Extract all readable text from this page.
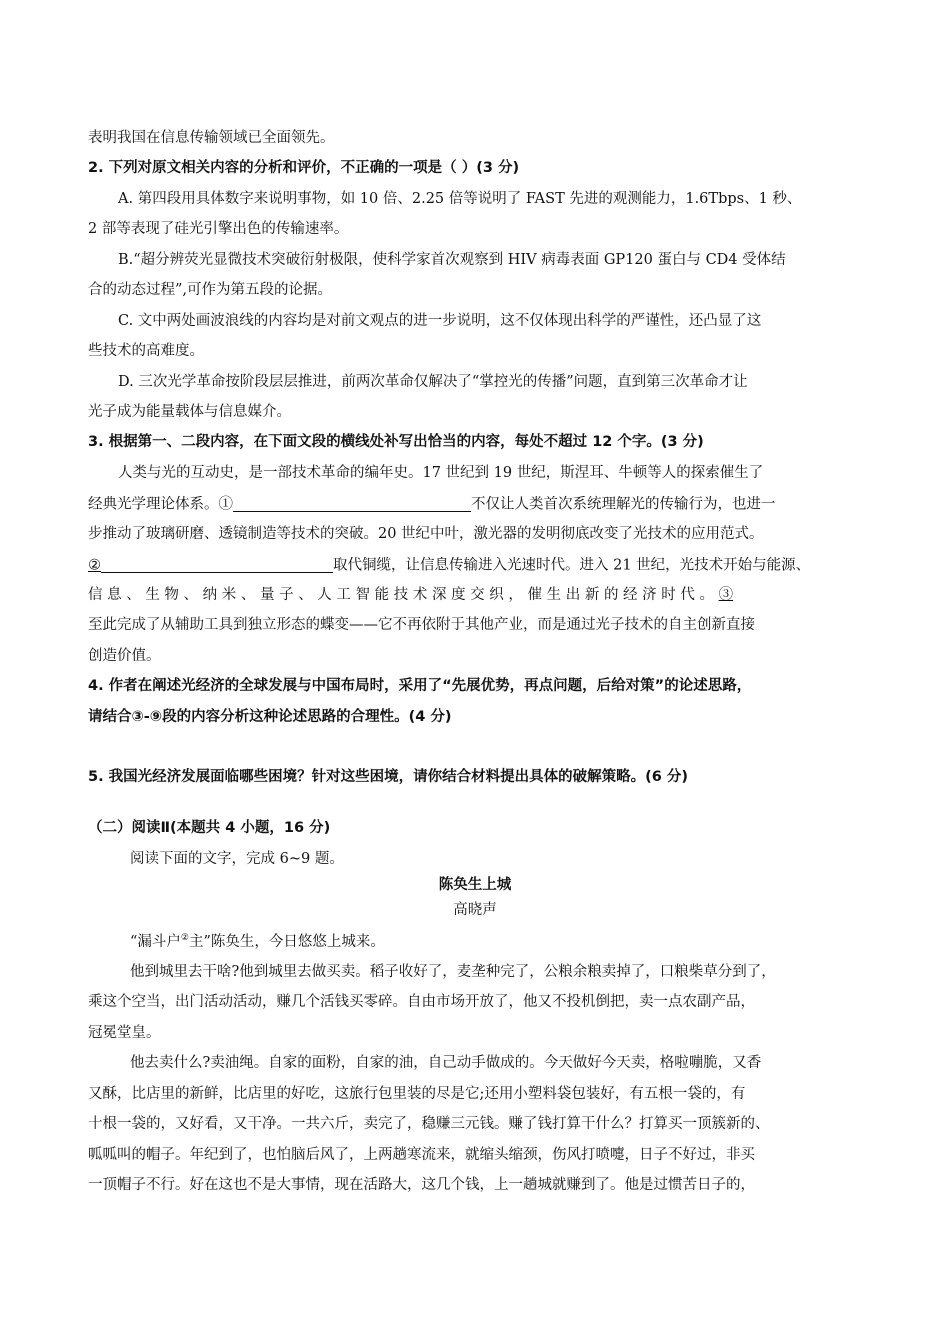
表明我国在信息传输领域已全面领先。
2. 下列对原文相关内容的分析和评价，不正确的一项是（ ）(3 分)
A. 第四段用具体数字来说明事物，如 10 倍、2.25 倍等说明了 FAST 先进的观测能力，1.6Tbps、1 秒、
2 部等表现了硅光引擎出色的传输速率。
B.“超分辨荧光显微技术突破衍射极限，使科学家首次观察到 HIV 病毒表面 GP120 蛋白与 CD4 受体结
合的动态过程”,可作为第五段的论据。
C. 文中两处画波浪线的内容均是对前文观点的进一步说明，这不仅体现出科学的严谨性，还凸显了这
些技术的高难度。
D. 三次光学革命按阶段层层推进，前两次革命仅解决了“掌控光的传播”问题，直到第三次革命才让
光子成为能量载体与信息媒介。
3. 根据第一、二段内容，在下面文段的横线处补写出恰当的内容，每处不超过 12 个字。(3 分)
人类与光的互动史，是一部技术革命的编年史。17 世纪到 19 世纪，斯涅耳、牛顿等人的探索催生了
经典光学理论体系。①	不仅让人类首次系统理解光的传输行为，也进一
步推动了玻璃研磨、透镜制造等技术的突破。20 世纪中叶，激光器的发明彻底改变了光技术的应用范式。
②	取代铜缆，让信息传输进入光速时代。进入 21 世纪，光技术开始与能源、
信 息 、 生 物 、 纳 米 、 量 子 、 人 工 智 能 技 术 深 度 交 织 ， 催 生 出 新 的 经 济 时 代 。 ③
至此完成了从辅助工具到独立形态的蝶变——它不再依附于其他产业，而是通过光子技术的自主创新直接
创造价值。
4. 作者在阐述光经济的全球发展与中国布局时，采用了“先展优势，再点问题，后给对策”的论述思路，
请结合③-⑨段的内容分析这种论述思路的合理性。(4 分)
5. 我国光经济发展面临哪些困境？针对这些困境，请你结合材料提出具体的破解策略。(6 分)
（二）阅读Ⅱ(本题共 4 小题，16 分)
阅读下面的文字，完成 6~9 题。
陈奂生上城
高晓声
“漏斗户②主”陈奂生，今日悠悠上城来。
他到城里去干啥?他到城里去做买卖。稻子收好了，麦垄种完了，公粮余粮卖掉了，口粮柴草分到了，
乘这个空当，出门活动活动，赚几个活钱买零碎。自由市场开放了，他又不投机倒把，卖一点农副产品，
冠冕堂皇。
他去卖什么?卖油绳。自家的面粉，自家的油，自己动手做成的。今天做好今天卖，格啦嘣脆，又香
又酥，比店里的新鲜，比店里的好吃，这旅行包里装的尽是它;还用小塑料袋包装好，有五根一袋的，有
十根一袋的，又好看，又干净。一共六斤，卖完了，稳赚三元钱。赚了钱打算干什么？打算买一顶簇新的、
呱呱叫的帽子。年纪到了，也怕脑后风了，上两趟寒流来，就缩头缩颈，伤风打喷嚏，日子不好过，非买
一顶帽子不行。好在这也不是大事情，现在活路大，这几个钱，上一趟城就赚到了。他是过惯苦日子的，
